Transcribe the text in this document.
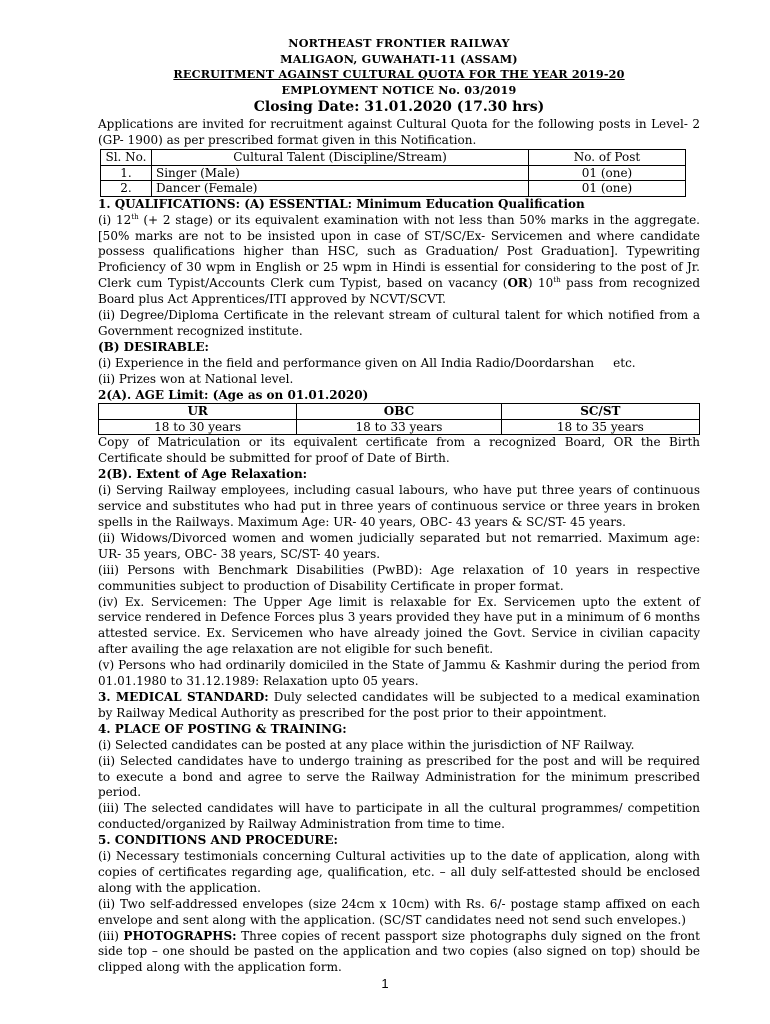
NORTHEAST FRONTIER RAILWAY
MALIGAON, GUWAHATI-11 (ASSAM)
RECRUITMENT AGAINST CULTURAL QUOTA FOR THE YEAR 2019-20
EMPLOYMENT NOTICE No. 03/2019
Closing Date: 31.01.2020 (17.30 hrs)

Applications are invited for recruitment against Cultural Quota for the following posts in Level- 2 (GP- 1900) as per prescribed format given in this Notification.

Sl. No.	Cultural Talent (Discipline/Stream)	No. of Post
1.	Singer (Male)	01 (one)
2.	Dancer (Female)	01 (one)
1. QUALIFICATIONS: (A) ESSENTIAL: Minimum Education Qualification

(i) 12th (+ 2 stage) or its equivalent examination with not less than 50% marks in the aggregate. [50% marks are not to be insisted upon in case of ST/SC/Ex- Servicemen and where candidate possess qualifications higher than HSC, such as Graduation/ Post Graduation]. Typewriting Proficiency of 30 wpm in English or 25 wpm in Hindi is essential for considering to the post of Jr. Clerk cum Typist/Accounts Clerk cum Typist, based on vacancy (OR) 10th pass from recognized Board plus Act Apprentices/ITI approved by NCVT/SCVT.

(ii) Degree/Diploma Certificate in the relevant stream of cultural talent for which notified from a Government recognized institute.

(B) DESIRABLE:

(i) Experience in the field and performance given on All India Radio/Doordarshan     etc.

(ii) Prizes won at National level.

2(A). AGE Limit: (Age as on 01.01.2020)
UR	OBC	SC/ST
18 to 30 years	18 to 33 years	18 to 35 years

Copy of Matriculation or its equivalent certificate from a recognized Board, OR the Birth Certificate should be submitted for proof of Date of Birth.

2(B). Extent of Age Relaxation:

(i) Serving Railway employees, including casual labours, who have put three years of continuous service and substitutes who had put in three years of continuous service or three years in broken spells in the Railways. Maximum Age: UR- 40 years, OBC- 43 years & SC/ST- 45 years.

(ii) Widows/Divorced women and women judicially separated but not remarried. Maximum age: UR- 35 years, OBC- 38 years, SC/ST- 40 years.

(iii) Persons with Benchmark Disabilities (PwBD): Age relaxation of 10 years in respective communities subject to production of Disability Certificate in proper format.

(iv) Ex. Servicemen: The Upper Age limit is relaxable for Ex. Servicemen upto the extent of service rendered in Defence Forces plus 3 years provided they have put in a minimum of 6 months attested service. Ex. Servicemen who have already joined the Govt. Service in civilian capacity after availing the age relaxation are not eligible for such benefit.

(v) Persons who had ordinarily domiciled in the State of Jammu & Kashmir during the period from 01.01.1980 to 31.12.1989: Relaxation upto 05 years.

3. MEDICAL STANDARD: Duly selected candidates will be subjected to a medical examination by Railway Medical Authority as prescribed for the post prior to their appointment.

4. PLACE OF POSTING & TRAINING:

(i) Selected candidates can be posted at any place within the jurisdiction of NF Railway.

(ii) Selected candidates have to undergo training as prescribed for the post and will be required to execute a bond and agree to serve the Railway Administration for the minimum prescribed period.

(iii) The selected candidates will have to participate in all the cultural programmes/ competition conducted/organized by Railway Administration from time to time.

5. CONDITIONS AND PROCEDURE:

(i) Necessary testimonials concerning Cultural activities up to the date of application, along with copies of certificates regarding age, qualification, etc. – all duly self-attested should be enclosed along with the application.

(ii) Two self-addressed envelopes (size 24cm x 10cm) with Rs. 6/- postage stamp affixed on each envelope and sent along with the application. (SC/ST candidates need not send such envelopes.)

(iii) PHOTOGRAPHS: Three copies of recent passport size photographs duly signed on the front side top – one should be pasted on the application and two copies (also signed on top) should be clipped along with the application form.

1
